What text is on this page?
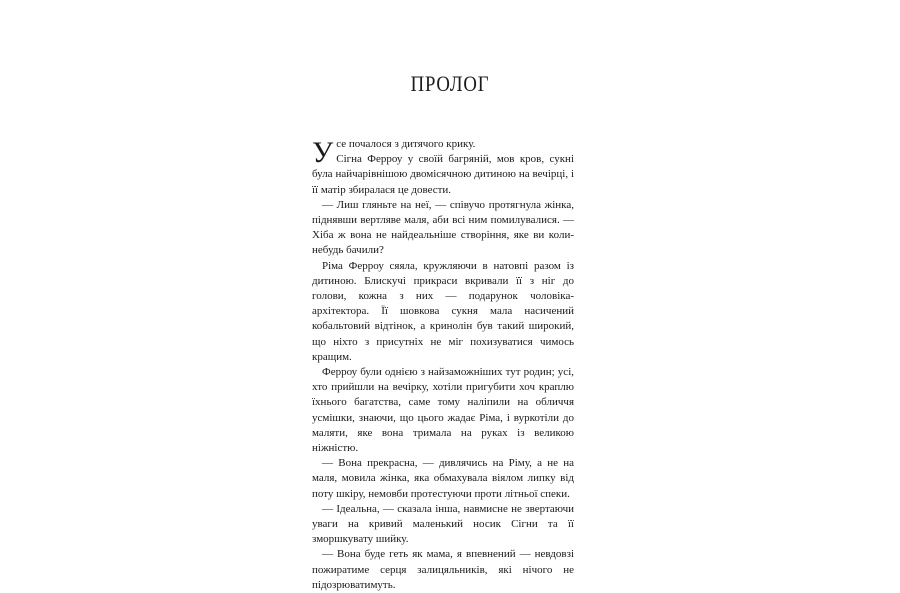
ПРОЛОГ

У се почалося з дитячого крику.
Сігна Ферроу у своїй багряній, мов кров, сукні була найчарівнішою двомісячною дитиною на вечірці, і її матір збиралася це довести.

— Лиш гляньте на неї, — співучо протягнула жінка, піднявши вертляве маля, аби всі ним помилувалися. — Хіба ж вона не найдеальніше створіння, яке ви коли-небудь бачили?

Ріма Ферроу сяяла, кружляючи в натовпі разом із дитиною. Блискучі прикраси вкривали її з ніг до голови, кожна з них — подарунок чоловіка-архітектора. Її шовкова сукня мала насичений кобальтовий відтінок, а кринолін був такий широкий, що ніхто з присутніх не міг похизуватися чимось кращим.

Ферроу були однією з найзаможніших тут родин; усі, хто прийшли на вечірку, хотіли пригубити хоч краплю їхнього багатства, саме тому наліпили на обличчя усмішки, знаючи, що цього жадає Ріма, і вуркотіли до маляти, яке вона тримала на руках із великою ніжністю.

— Вона прекрасна, — дивлячись на Ріму, а не на маля, мовила жінка, яка обмахувала віялом липку від поту шкіру, немовби протестуючи проти літньої спеки.

— Ідеальна, — сказала інша, навмисне не звертаючи уваги на кривий маленький носик Сігни та її зморшкувату шийку.

— Вона буде геть як мама, я впевнений — невдовзі пожиратиме серця залицяльників, які нічого не підозрюватимуть.
